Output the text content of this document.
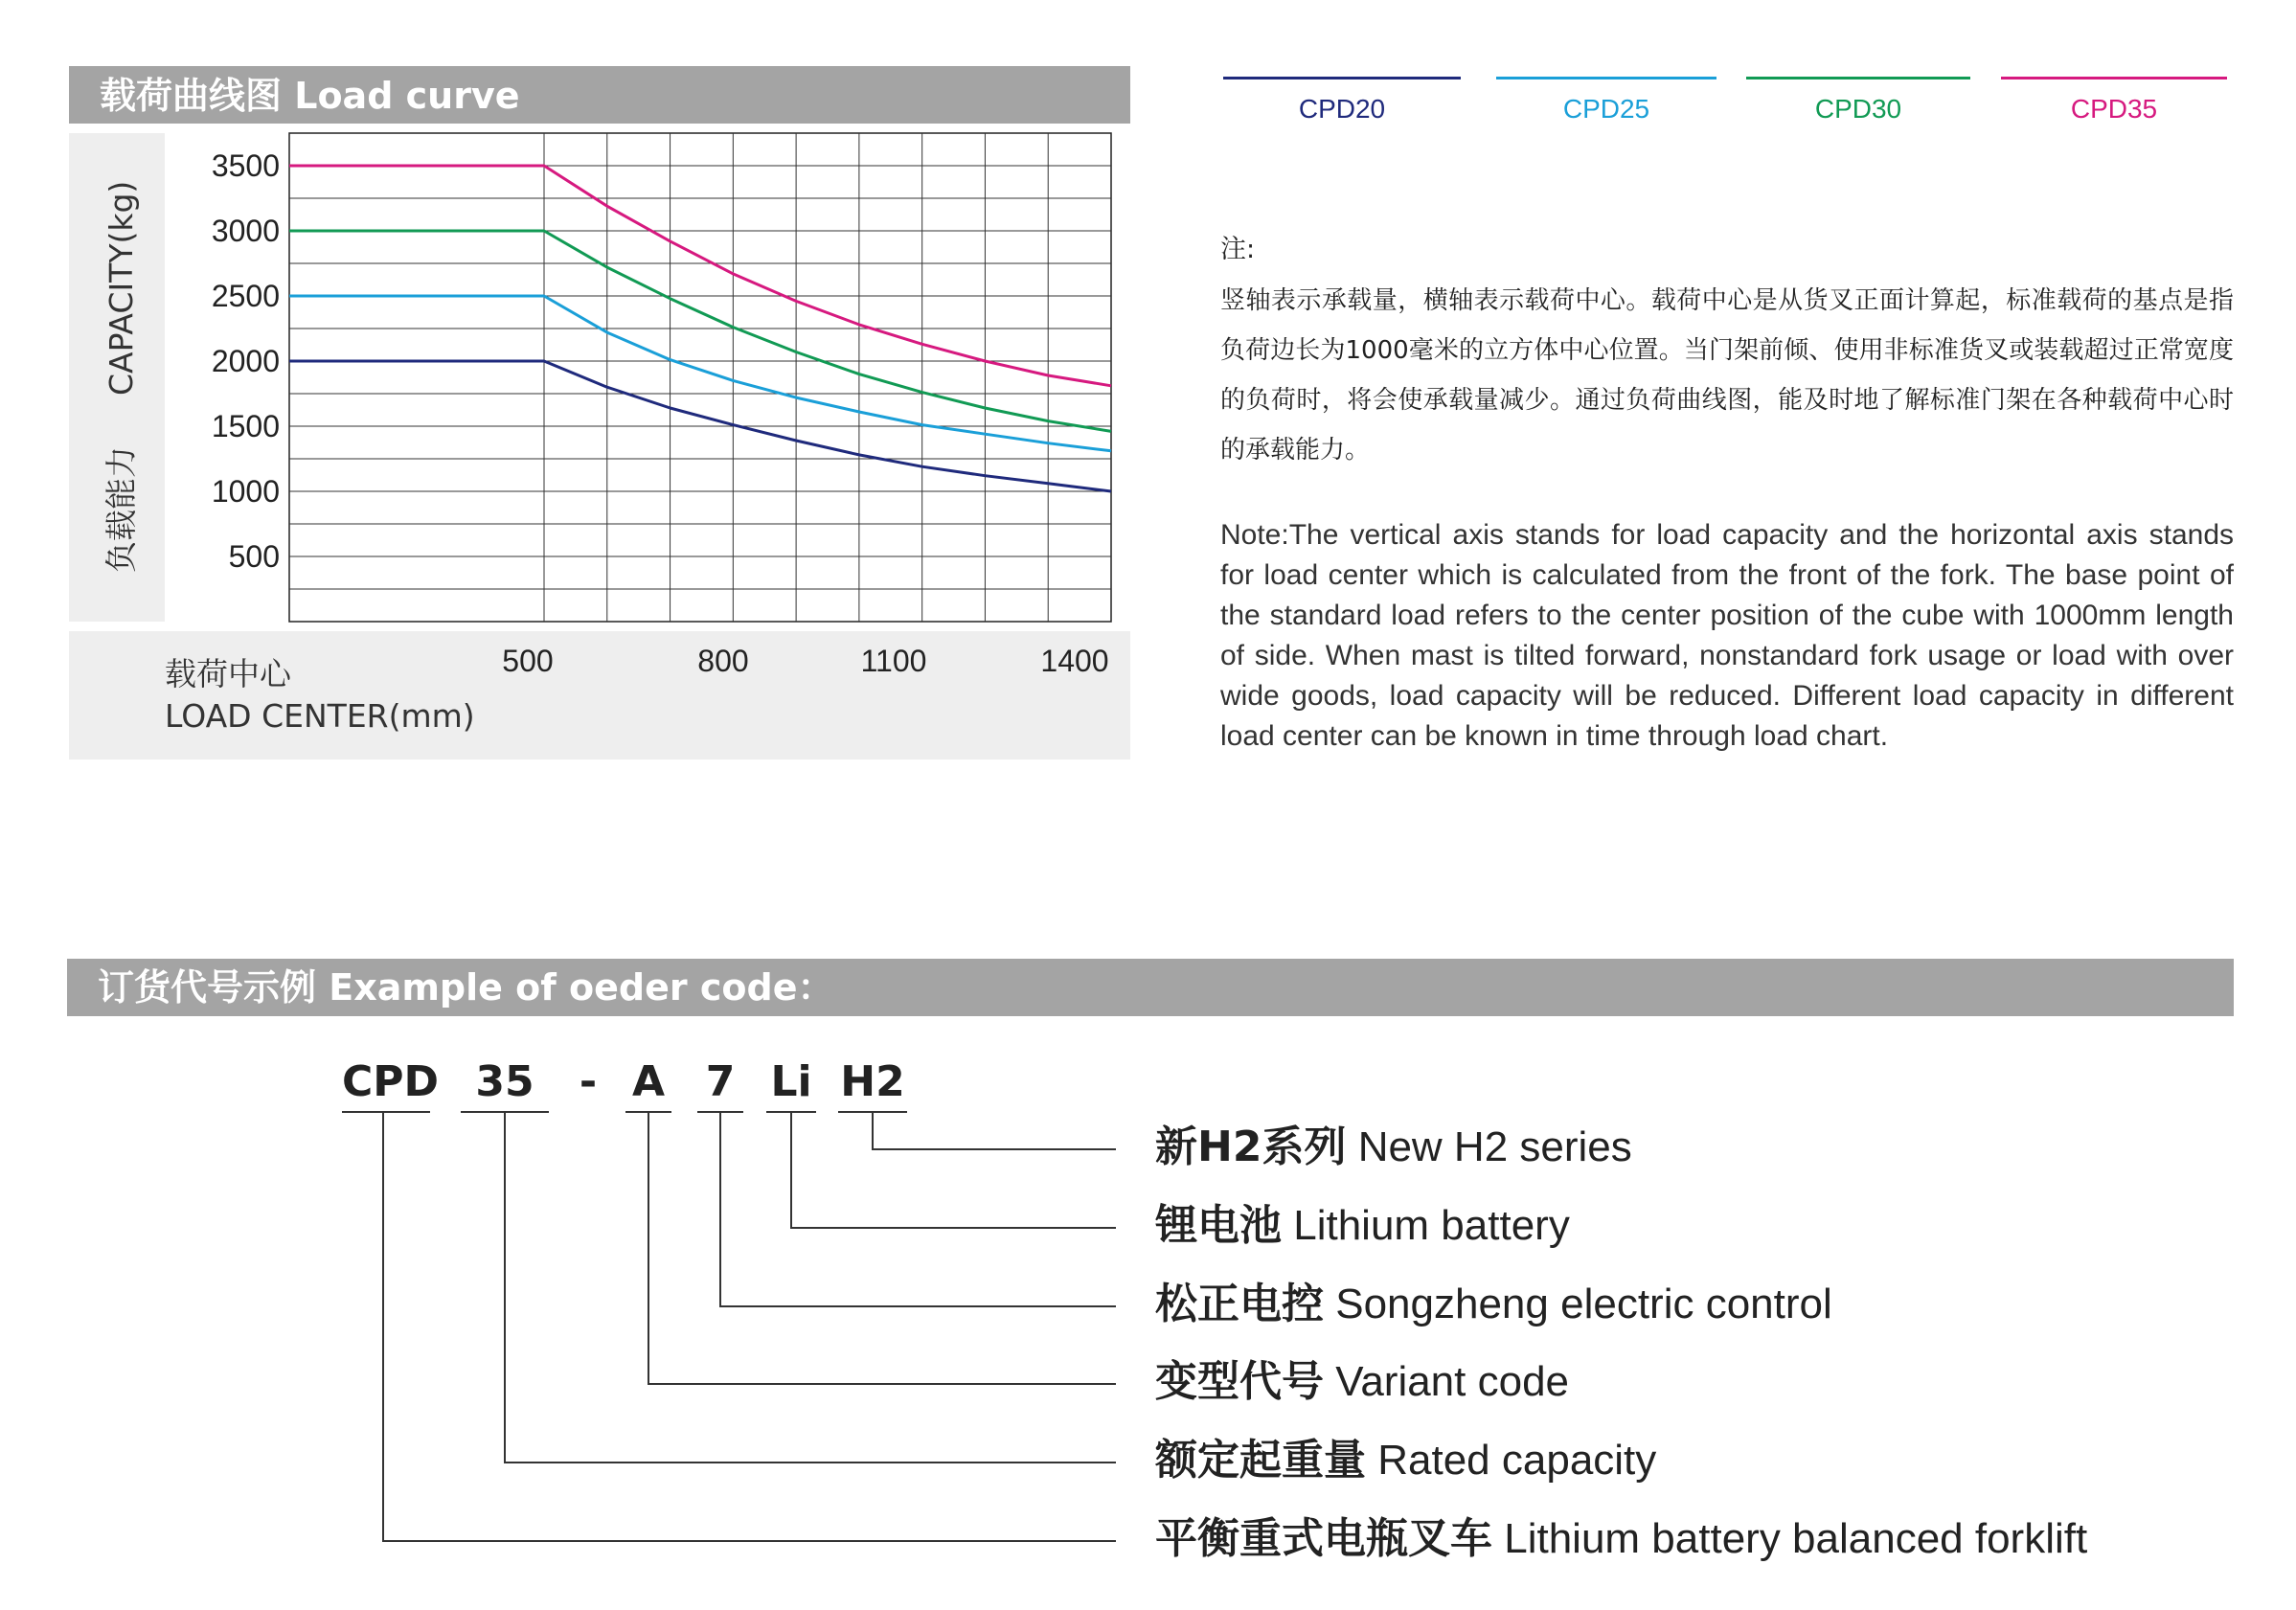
载荷曲线图 Load curve
500
1000
1500
2000
2500
3000
3500
500	800	1100	1400
CAPACITY(kg)
负载能力
载荷中心
LOAD CENTER(mm)
CPD20	CPD25	CPD30	CPD35
注:
竖轴表示承载量，横轴表示载荷中心。载荷中心是从货叉正面计算起，标准载荷的基点是指负荷边长为1000毫米的立方体中心位置。当门架前倾、使用非标准货叉或装载超过正常宽度的负荷时，将会使承载量减少。通过负荷曲线图，能及时地了解标准门架在各种载荷中心时的承载能力。
Note:The vertical axis stands for load capacity and the horizontal axis stands for load center which is calculated from the front of the fork. The base point of the standard load refers to the center position of the cube with 1000mm length of side. When mast is tilted forward, nonstandard fork usage or load with over wide goods, load capacity will be reduced. Different load capacity in different load center can be known in time through load chart.
订货代号示例 Example of oeder code：
CPD 35	- A 7 Li H2
新H2系列 New H2 series
锂电池 Lithium battery
松正电控 Songzheng electric control
变型代号 Variant code
额定起重量 Rated capacity
平衡重式电瓶叉车 Lithium battery balanced forklift
